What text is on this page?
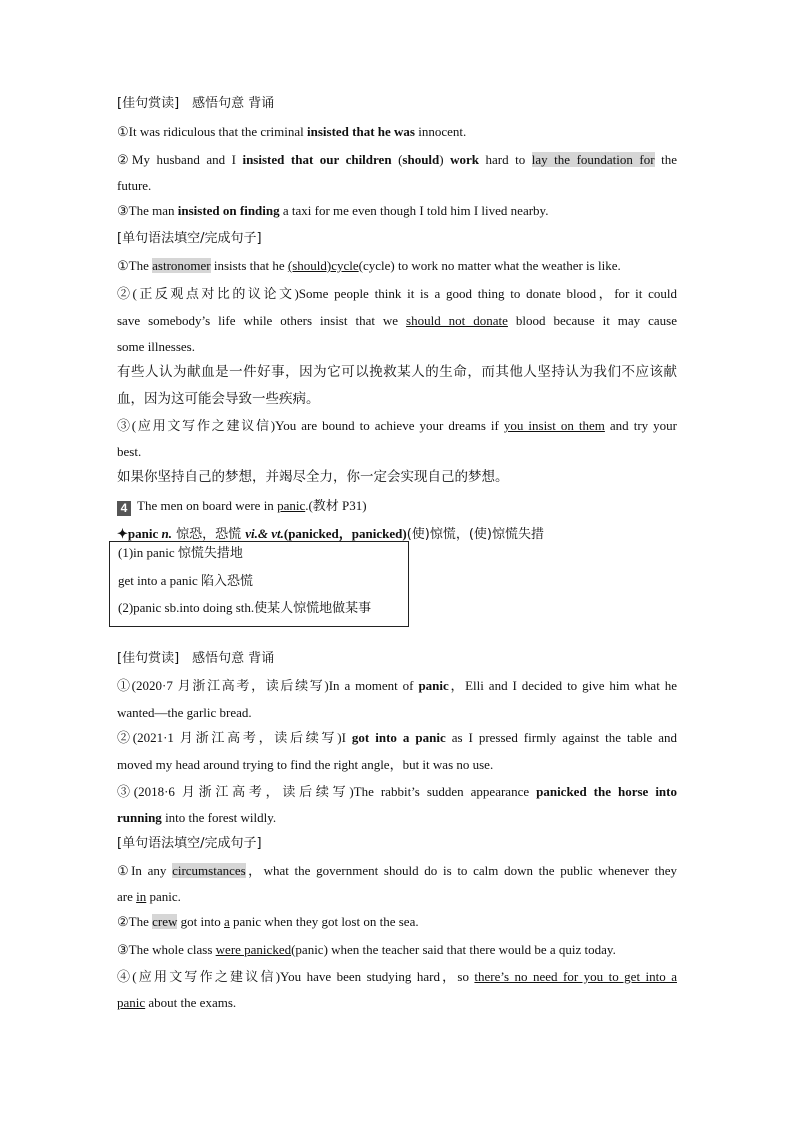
[佳句赏读]　感悟句意 背诵
①It was ridiculous that the criminal insisted that he was innocent.
②My husband and I insisted that our children (should) work hard to lay the foundation for the
future.
③The man insisted on finding a taxi for me even though I told him I lived nearby.
[单句语法填空/完成句子]
①The astronomer insists that he (should)cycle(cycle) to work no matter what the weather is like.
②(正反观点对比的议论文)Some people think it is a good thing to donate blood，for it could
save somebody’s life while others insist that we should not donate blood because it may cause
some illnesses.
有些人认为献血是一件好事，因为它可以挽救某人的生命，而其他人坚持认为我们不应该献
血，因为这可能会导致一些疾病。
③(应用文写作之建议信)You are bound to achieve your dreams if you insist on them and try your
best.
如果你坚持自己的梦想，并竭尽全力，你一定会实现自己的梦想。
4 The men on board were in panic.(教材 P31)
✦panic n. 惊恐，恐慌 vi.& vt.(panicked，panicked)(使)惊慌，(使)惊慌失措
(1)in panic 惊慌失措地
get into a panic 陷入恐慌
(2)panic sb.into doing sth.使某人惊慌地做某事
[佳句赏读]　感悟句意 背诵
①(2020·7 月浙江高考，读后续写)In a moment of panic，Elli and I decided to give him what he
wanted—the garlic bread.
②(2021·1 月浙江高考，读后续写)I got into a panic as I pressed firmly against the table and
moved my head around trying to find the right angle，but it was no use.
③(2018·6 月浙江高考，读后续写)The rabbit’s sudden appearance panicked the horse into
running into the forest wildly.
[单句语法填空/完成句子]
①In any circumstances，what the government should do is to calm down the public whenever they
are in panic.
②The crew got into a panic when they got lost on the sea.
③The whole class were panicked(panic) when the teacher said that there would be a quiz today.
④(应用文写作之建议信)You have been studying hard，so there’s no need for you to get into a
panic about the exams.
